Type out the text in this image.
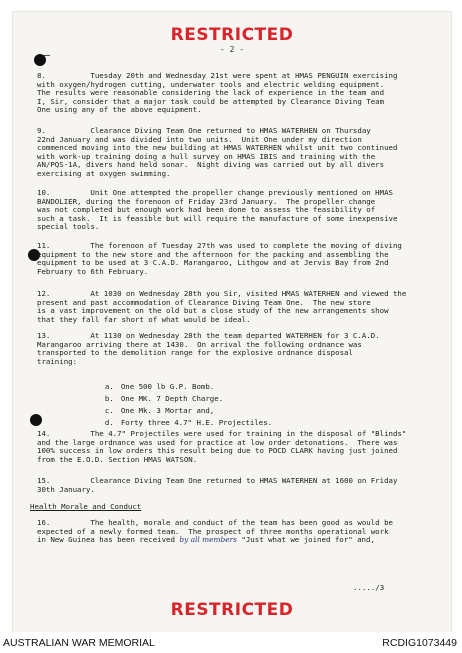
RESTRICTED
- 2 -
8.          Tuesday 20th and Wednesday 21st were spent at HMAS PENGUIN exercising
with oxygen/hydrogen cutting, underwater tools and electric welding equipment.
The results were reasonable considering the lack of experience in the team and
I, Sir, consider that a major task could be attempted by Clearance Diving Team
One using any of the above equipment.
9.          Clearance Diving Team One returned to HMAS WATERHEN on Thursday
22nd January and was divided into two units.  Unit One under my direction
commenced moving into the new building at HMAS WATERHEN whilst unit two continued
with work-up training doing a hull survey on HMAS IBIS and training with the
AN/PQS-1A, divers hand held sonar.  Night diving was carried out by all divers
exercising at oxygen swimming.
10.         Unit One attempted the propeller change previously mentioned on HMAS
BANDOLIER, during the forenoon of Friday 23rd January.  The propeller change
was not completed but enough work had been done to assess the feasibility of
such a task.  It is feasible but will require the manufacture of some inexpensive
special tools.
11.         The forenoon of Tuesday 27th was used to complete the moving of diving
equipment to the new store and the afternoon for the packing and assembling the
equipment to be used at 3 C.A.D. Marangaroo, Lithgow and at Jervis Bay from 2nd
February to 6th February.
12.         At 1030 on Wednesday 28th you Sir, visited HMAS WATERHEN and viewed the
present and past accommodation of Clearance Diving Team One.  The new store
is a vast improvement on the old but a close study of the new arrangements show
that they fall far short of what would be ideal.
13.         At 1130 on Wednesday 28th the team departed WATERHEN for 3 C.A.D.
Marangaroo arriving there at 1430.  On arrival the following ordnance was
transported to the demolition range for the explosive ordnance disposal
training:

a. One 500 lb G.P. Bomb.

b. One MK. 7 Depth Charge.

c. One Mk. 3 Mortar and,

d. Forty three 4.7" H.E. Projectiles.

14.         The 4.7" Projectiles were used for training in the disposal of "Blinds"
and the large ordnance was used for practice at low order detonations.  There was
100% success in low orders this result being due to POCD CLARK having just joined
from the E.O.D. Section HMAS WATSON.
15.         Clearance Diving Team One returned to HMAS WATERHEN at 1600 on Friday
30th January.
Health Morale and Conduct
16.         The health, morale and conduct of the team has been good as would be
expected of a newly formed team.  The prospect of three months operational work
in New Guinea has been received by all members "Just what we joined for" and,
...../3
RESTRICTED
AUSTRALIAN WAR MEMORIAL	RCDIG1073449
